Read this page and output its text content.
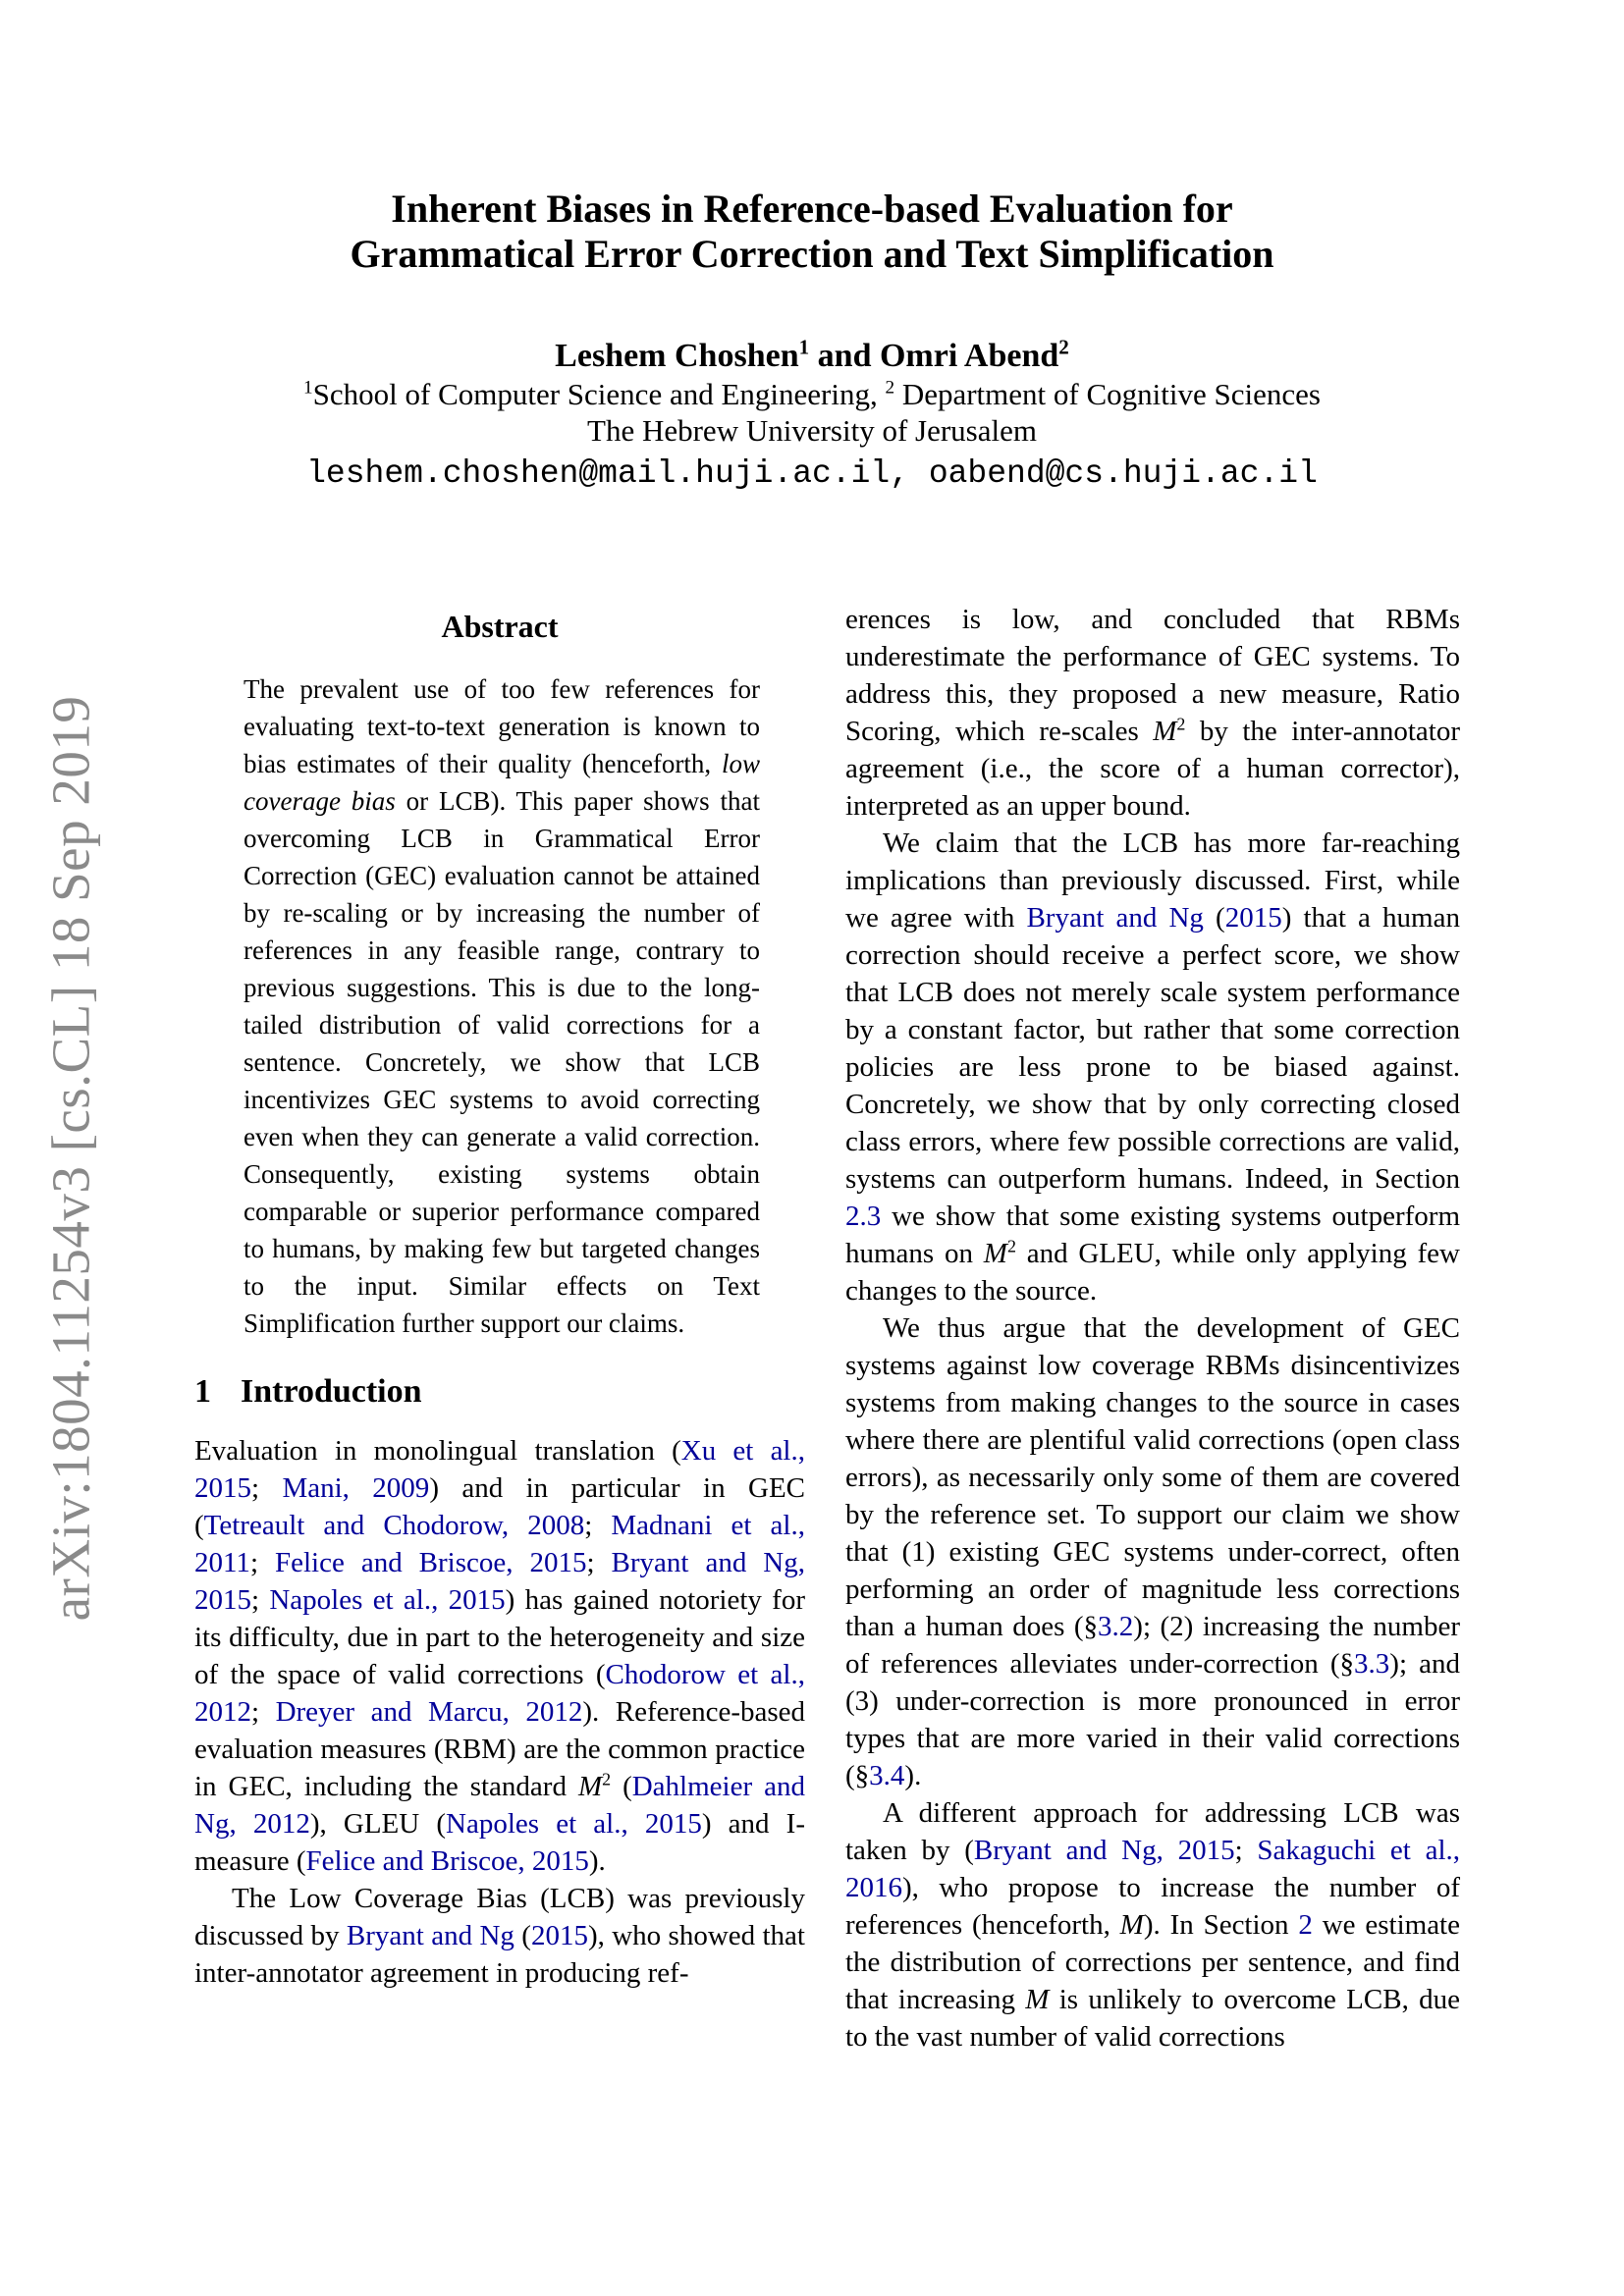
arXiv:1804.11254v3 [cs.CL] 18 Sep 2019
Inherent Biases in Reference-based Evaluation for
Grammatical Error Correction and Text Simplification
Leshem Choshen$^1$ and Omri Abend$^2$
$^1$School of Computer Science and Engineering, $^2$ Department of Cognitive Sciences
The Hebrew University of Jerusalem
leshem.choshen@mail.huji.ac.il, oabend@cs.huji.ac.il
Abstract
The prevalent use of too few references for evaluating text-to-text generation is known to bias estimates of their quality (henceforth, low coverage bias or LCB). This paper shows that overcoming LCB in Grammatical Error Correction (GEC) evaluation cannot be attained by re-scaling or by increasing the number of references in any feasible range, contrary to previous suggestions. This is due to the long-tailed distribution of valid corrections for a sentence. Concretely, we show that LCB incentivizes GEC systems to avoid correcting even when they can generate a valid correction. Consequently, existing systems obtain comparable or superior performance compared to humans, by making few but targeted changes to the input. Similar effects on Text Simplification further support our claims.
1 Introduction

Evaluation in monolingual translation (Xu et al., 2015; Mani, 2009) and in particular in GEC (Tetreault and Chodorow, 2008; Madnani et al., 2011; Felice and Briscoe, 2015; Bryant and Ng, 2015; Napoles et al., 2015) has gained notoriety for its difficulty, due in part to the heterogeneity and size of the space of valid corrections (Chodorow et al., 2012; Dreyer and Marcu, 2012). Reference-based evaluation measures (RBM) are the common practice in GEC, including the standard $M^2$ (Dahlmeier and Ng, 2012), GLEU (Napoles et al., 2015) and I-measure (Felice and Briscoe, 2015).

The Low Coverage Bias (LCB) was previously discussed by Bryant and Ng (2015), who showed that inter-annotator agreement in producing ref-

erences is low, and concluded that RBMs underestimate the performance of GEC systems. To address this, they proposed a new measure, Ratio Scoring, which re-scales $M^2$ by the inter-annotator agreement (i.e., the score of a human corrector), interpreted as an upper bound.

We claim that the LCB has more far-reaching implications than previously discussed. First, while we agree with Bryant and Ng (2015) that a human correction should receive a perfect score, we show that LCB does not merely scale system performance by a constant factor, but rather that some correction policies are less prone to be biased against. Concretely, we show that by only correcting closed class errors, where few possible corrections are valid, systems can outperform humans. Indeed, in Section 2.3 we show that some existing systems outperform humans on $M^2$ and GLEU, while only applying few changes to the source.

We thus argue that the development of GEC systems against low coverage RBMs disincentivizes systems from making changes to the source in cases where there are plentiful valid corrections (open class errors), as necessarily only some of them are covered by the reference set. To support our claim we show that (1) existing GEC systems under-correct, often performing an order of magnitude less corrections than a human does (§3.2); (2) increasing the number of references alleviates under-correction (§3.3); and (3) under-correction is more pronounced in error types that are more varied in their valid corrections (§3.4).

A different approach for addressing LCB was taken by (Bryant and Ng, 2015; Sakaguchi et al., 2016), who propose to increase the number of references (henceforth, M). In Section 2 we estimate the distribution of corrections per sentence, and find that increasing M is unlikely to overcome LCB, due to the vast number of valid corrections
